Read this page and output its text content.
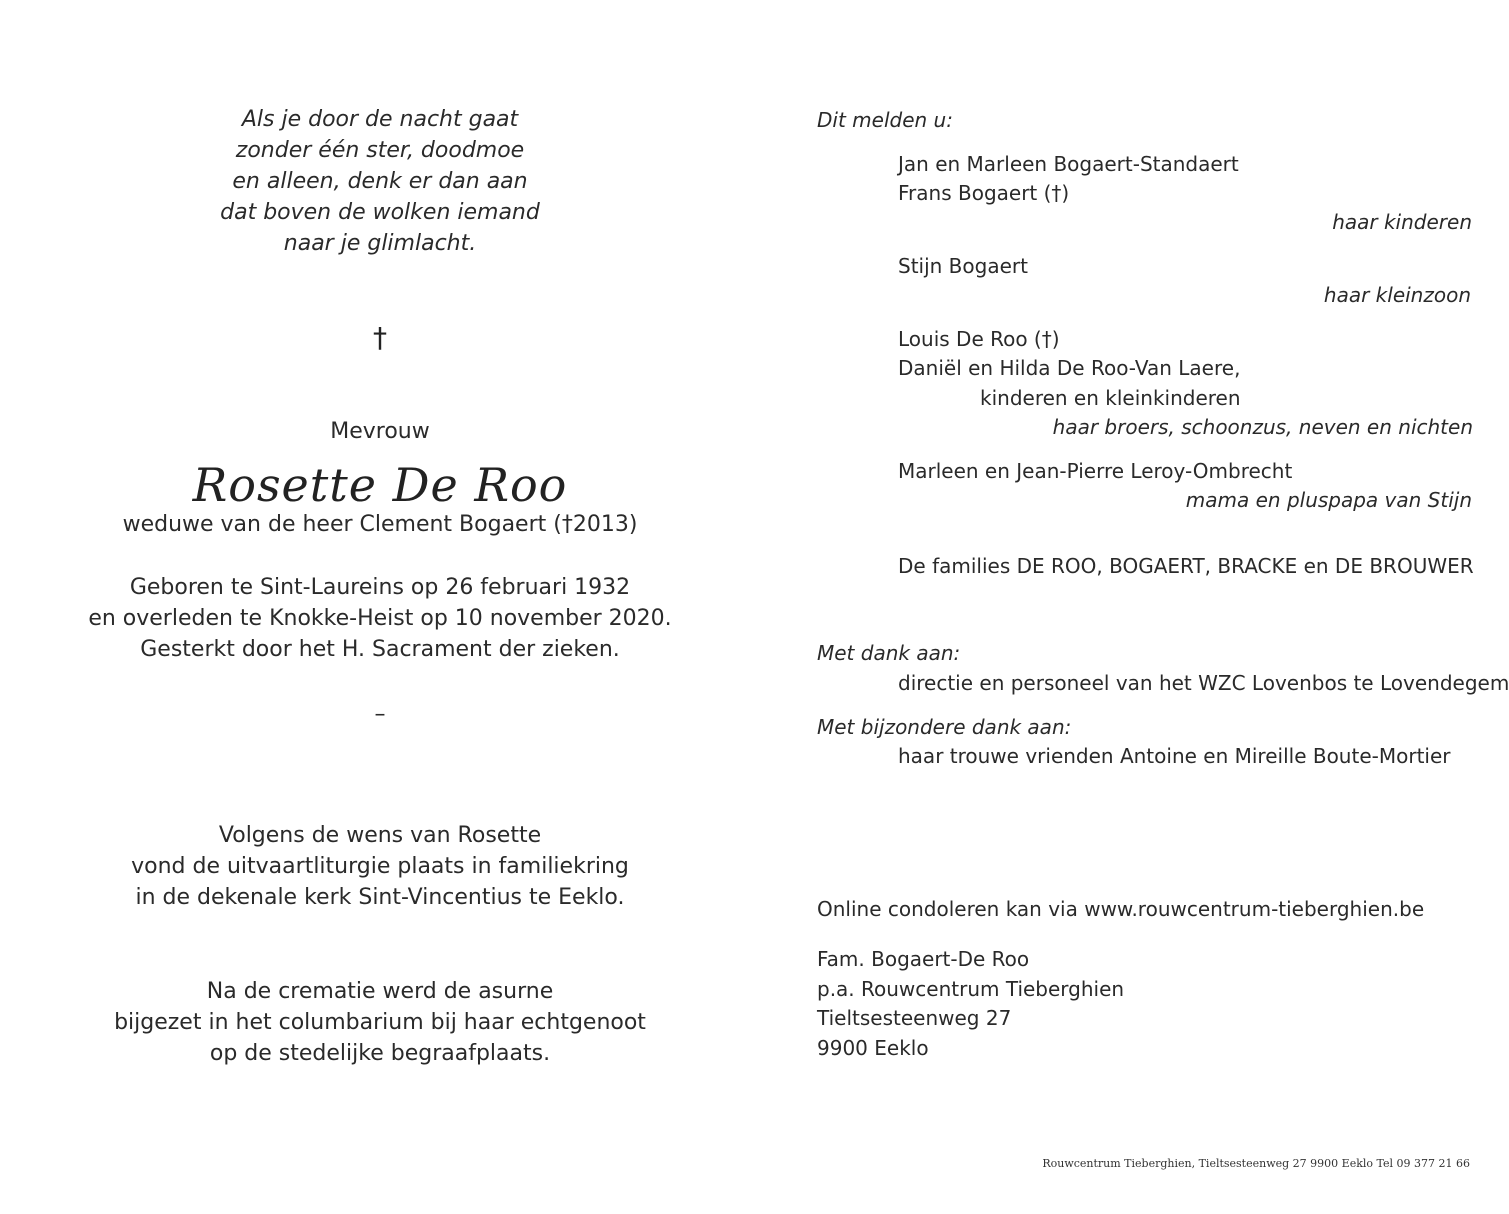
Als je door de nacht gaat
zonder één ster, doodmoe
en alleen, denk er dan aan
dat boven de wolken iemand
naar je glimlacht.
†
Mevrouw
Rosette De Roo
weduwe van de heer Clement Bogaert (†2013)
Geboren te Sint-Laureins op 26 februari 1932
en overleden te Knokke-Heist op 10 november 2020.
Gesterkt door het H. Sacrament der zieken.
–
Volgens de wens van Rosette
vond de uitvaartliturgie plaats in familiekring
in de dekenale kerk Sint-Vincentius te Eeklo.
Na de crematie werd de asurne
bijgezet in het columbarium bij haar echtgenoot
op de stedelijke begraafplaats.
Dit melden u:
Jan en Marleen Bogaert-Standaert
Frans Bogaert (†)
haar kinderen
Stijn Bogaert
haar kleinzoon
Louis De Roo (†)
Daniël en Hilda De Roo-Van Laere,
kinderen en kleinkinderen
haar broers, schoonzus, neven en nichten
Marleen en Jean-Pierre Leroy-Ombrecht
mama en pluspapa van Stijn
De families DE ROO, BOGAERT, BRACKE en DE BROUWER
Met dank aan:
directie en personeel van het WZC Lovenbos te Lovendegem
Met bijzondere dank aan:
haar trouwe vrienden Antoine en Mireille Boute-Mortier
Online condoleren kan via www.rouwcentrum-tieberghien.be
Fam. Bogaert-De Roo
p.a. Rouwcentrum Tieberghien
Tieltsesteenweg 27
9900 Eeklo
Rouwcentrum Tieberghien, Tieltsesteenweg 27 9900 Eeklo Tel 09 377 21 66
